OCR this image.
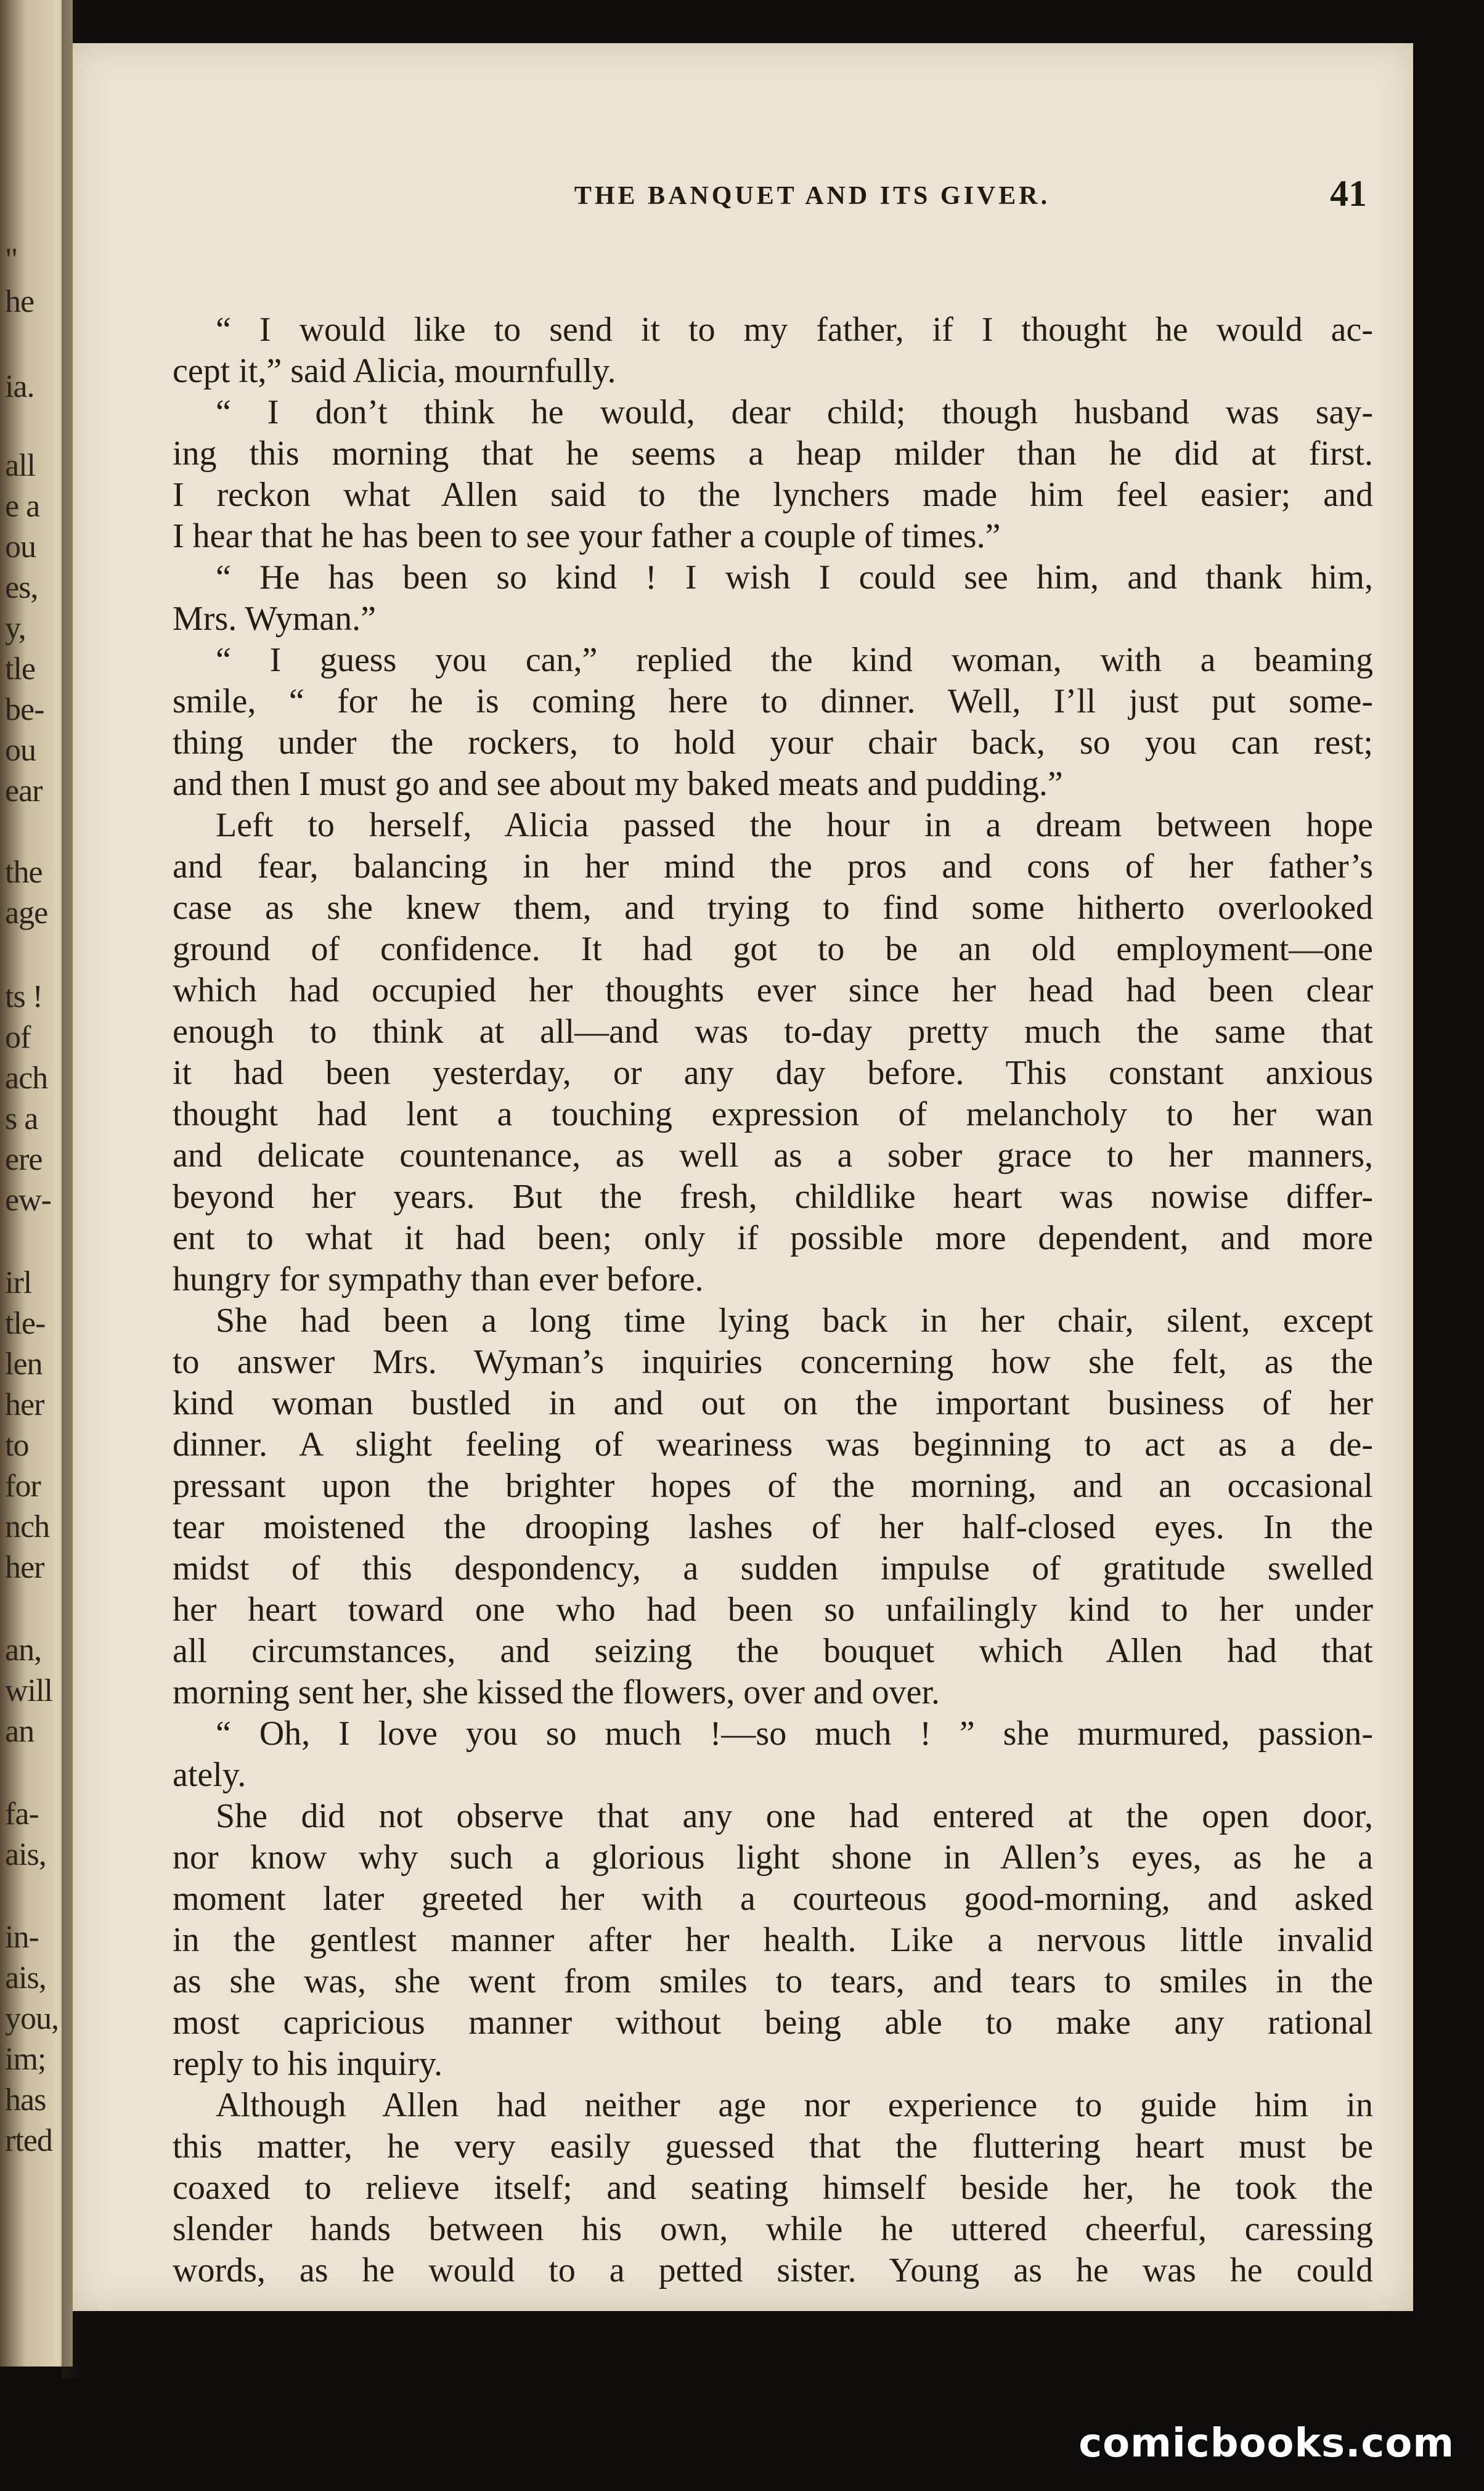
"
he
ia.
all
e a
ou
es,
y,
tle
be-
ou
ear
the
age
ts !
of
ach
s a
ere
ew-
irl
tle-
len
her
to
for
nch
her
an,
will
an
fa-
ais,
in-
ais,
you,
im;
has
rted
THE BANQUET AND ITS GIVER.	41
“ I would like to send it to my father, if I thought he would ac-
cept it,” said Alicia, mournfully.
“ I don’t think he would, dear child; though husband was say-
ing this morning that he seems a heap milder than he did at first.
I reckon what Allen said to the lynchers made him feel easier; and
I hear that he has been to see your father a couple of times.”
“ He has been so kind ! I wish I could see him, and thank him,
Mrs. Wyman.”
“ I guess you can,” replied the kind woman, with a beaming
smile, “ for he is coming here to dinner. Well, I’ll just put some-
thing under the rockers, to hold your chair back, so you can rest;
and then I must go and see about my baked meats and pudding.”
Left to herself, Alicia passed the hour in a dream between hope
and fear, balancing in her mind the pros and cons of her father’s
case as she knew them, and trying to find some hitherto overlooked
ground of confidence. It had got to be an old employment—one
which had occupied her thoughts ever since her head had been clear
enough to think at all—and was to-day pretty much the same that
it had been yesterday, or any day before. This constant anxious
thought had lent a touching expression of melancholy to her wan
and delicate countenance, as well as a sober grace to her manners,
beyond her years. But the fresh, childlike heart was nowise differ-
ent to what it had been; only if possible more dependent, and more
hungry for sympathy than ever before.
She had been a long time lying back in her chair, silent, except
to answer Mrs. Wyman’s inquiries concerning how she felt, as the
kind woman bustled in and out on the important business of her
dinner. A slight feeling of weariness was beginning to act as a de-
pressant upon the brighter hopes of the morning, and an occasional
tear moistened the drooping lashes of her half-closed eyes. In the
midst of this despondency, a sudden impulse of gratitude swelled
her heart toward one who had been so unfailingly kind to her under
all circumstances, and seizing the bouquet which Allen had that
morning sent her, she kissed the flowers, over and over.
“ Oh, I love you so much !—so much ! ” she murmured, passion-
ately.
She did not observe that any one had entered at the open door,
nor know why such a glorious light shone in Allen’s eyes, as he a
moment later greeted her with a courteous good-morning, and asked
in the gentlest manner after her health. Like a nervous little invalid
as she was, she went from smiles to tears, and tears to smiles in the
most capricious manner without being able to make any rational
reply to his inquiry.
Although Allen had neither age nor experience to guide him in
this matter, he very easily guessed that the fluttering heart must be
coaxed to relieve itself; and seating himself beside her, he took the
slender hands between his own, while he uttered cheerful, caressing
words, as he would to a petted sister. Young as he was he could
comicbooks.com
